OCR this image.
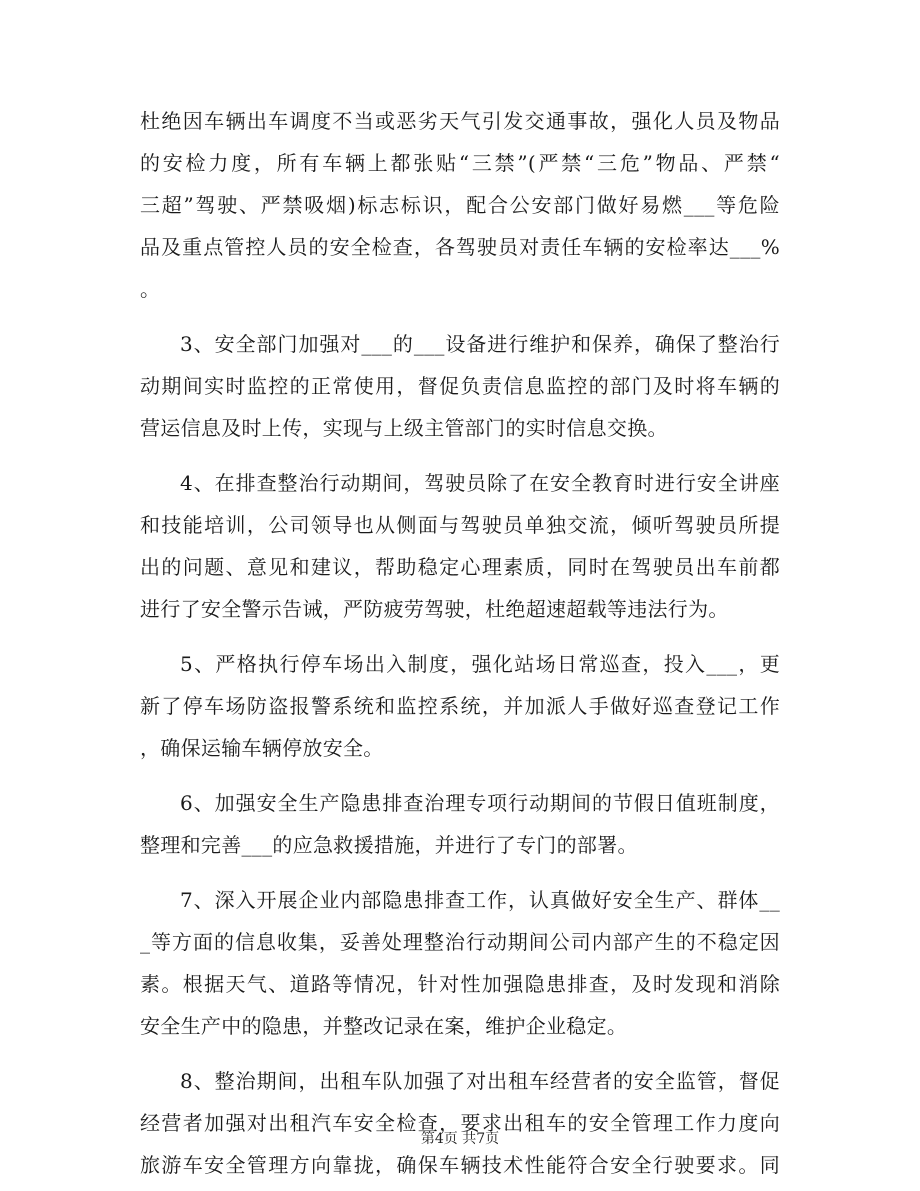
杜绝因车辆出车调度不当或恶劣天气引发交通事故，强化人员及物品
的安检力度，所有车辆上都张贴“三禁”(严禁“三危”物品、严禁“
三超”驾驶、严禁吸烟)标志标识，配合公安部门做好易燃___等危险
品及重点管控人员的安全检查，各驾驶员对责任车辆的安检率达___%
。
3、安全部门加强对___的___设备进行维护和保养，确保了整治行
动期间实时监控的正常使用，督促负责信息监控的部门及时将车辆的
营运信息及时上传，实现与上级主管部门的实时信息交换。
4、在排查整治行动期间，驾驶员除了在安全教育时进行安全讲座
和技能培训，公司领导也从侧面与驾驶员单独交流，倾听驾驶员所提
出的问题、意见和建议，帮助稳定心理素质，同时在驾驶员出车前都
进行了安全警示告诫，严防疲劳驾驶，杜绝超速超载等违法行为。
5、严格执行停车场出入制度，强化站场日常巡查，投入___，更
新了停车场防盗报警系统和监控系统，并加派人手做好巡查登记工作
，确保运输车辆停放安全。
6、加强安全生产隐患排查治理专项行动期间的节假日值班制度，
整理和完善___的应急救援措施，并进行了专门的部署。
7、深入开展企业内部隐患排查工作，认真做好安全生产、群体__
_等方面的信息收集，妥善处理整治行动期间公司内部产生的不稳定因
素。根据天气、道路等情况，针对性加强隐患排查，及时发现和消除
安全生产中的隐患，并整改记录在案，维护企业稳定。
8、整治期间，出租车队加强了对出租车经营者的安全监管，督促
经营者加强对出租汽车安全检查，要求出租车的安全管理工作力度向
旅游车安全管理方向靠拢，确保车辆技术性能符合安全行驶要求。同
第4页 共7页
